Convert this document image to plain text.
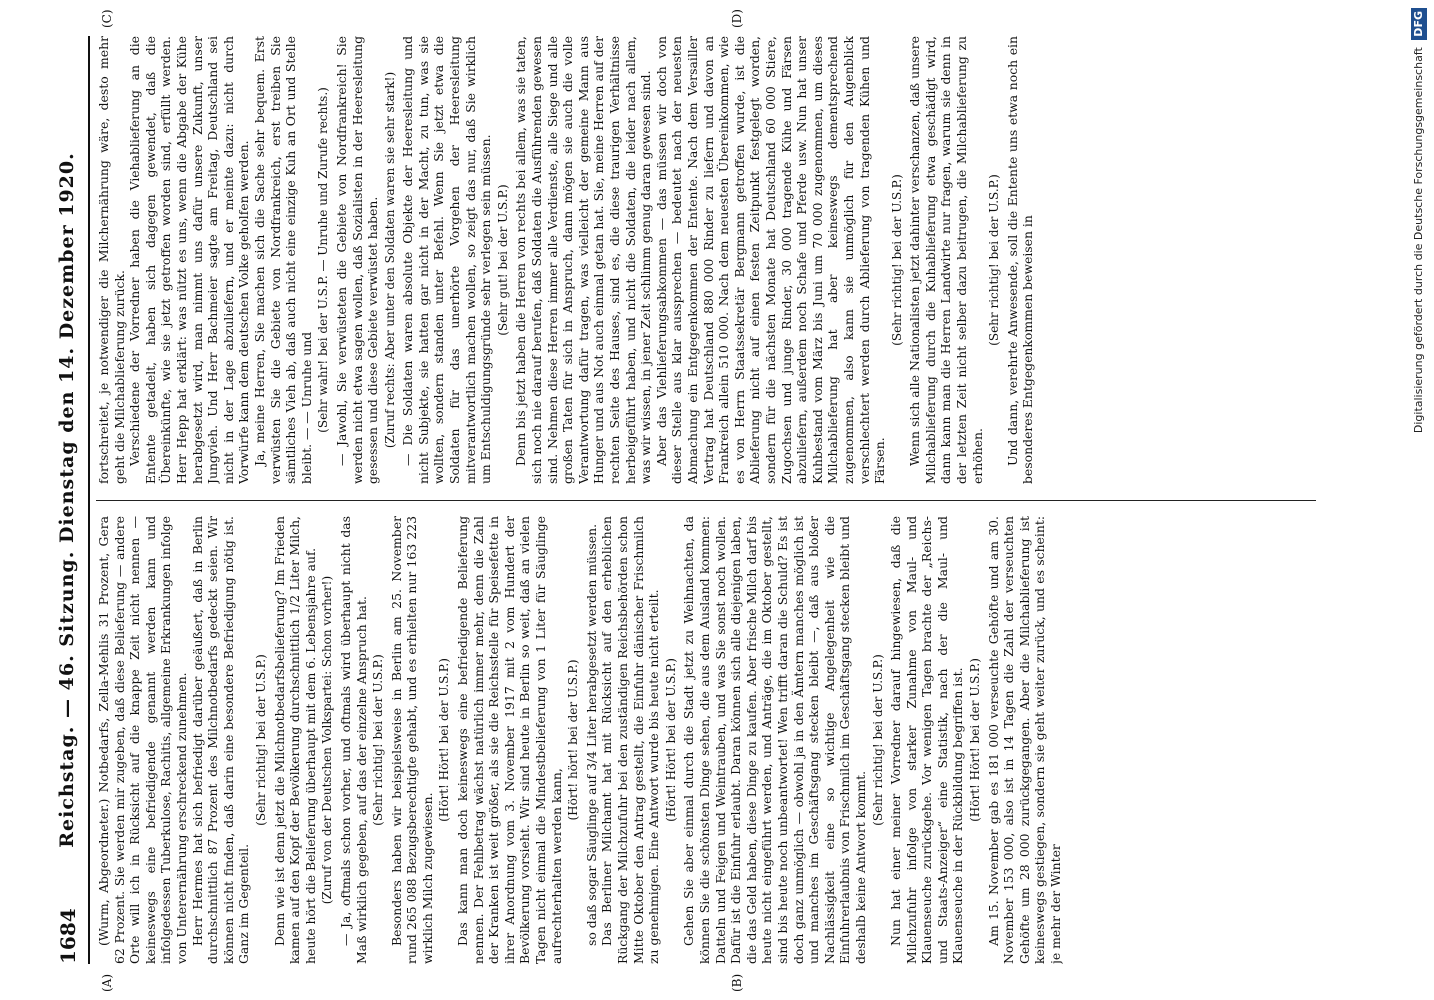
1684
Reichstag. — 46. Sitzung. Dienstag den 14. Dezember 1920.
(A)	(B)
(C)	(D)

(Wurm, Abgeordneter.) Notbedarfs, Zella-Mehlis 31 Prozent, Gera 62 Prozent. Sie werden mir zugeben, daß diese Belieferung — andere Orte will ich in Rücksicht auf die knappe Zeit nicht nennen — keineswegs eine befriedigende genannt werden kann und infolgedessen Tuberkulose, Rachitis, allgemeine Erkrankungen infolge von Unterernährung erschreckend zunehmen. Herr Hermes hat sich befriedigt darüber geäußert, daß in Berlin durchschnittlich 87 Prozent des Milchnotbedarfs gedeckt seien. Wir können nicht finden, daß darin eine besondere Befriedigung nötig ist. Ganz im Gegenteil.

(Sehr richtig! bei der U.S.P.) Denn wie ist denn jetzt die Milchnotbedarfsbelieferung? Im Frieden kamen auf den Kopf der Bevölkerung durchschnittlich 1/2 Liter Milch, heute hört die Belieferung überhaupt mit dem 6. Lebensjahre auf. (Zuruf von der Deutschen Volkspartei: Schon vorher!) — Ja, oftmals schon vorher, und oftmals wird überhaupt nicht das Maß wirklich gegeben, auf das der einzelne Anspruch hat. (Sehr richtig! bei der U.S.P.) Besonders haben wir beispielsweise in Berlin am 25. November rund 265 088 Bezugsberechtigte gehabt, und es erhielten nur 163 223 wirklich Milch zugewiesen.

(Hört! Hört! bei der U.S.P.) Das kann man doch keineswegs eine befriedigende Belieferung nennen. Der Fehlbetrag wächst natürlich immer mehr, denn die Zahl der Kranken ist weit größer, als sie die Reichsstelle für Speisefette in ihrer Anordnung vom 3. November 1917 mit 2 vom Hundert der Bevölkerung vorsieht. Wir sind heute in Berlin so weit, daß an vielen Tagen nicht einmal die Mindestbelieferung von 1 Liter für Säuglinge aufrechterhalten werden kann,

(Hört! hört! bei der U.S.P.) so daß sogar Säuglinge auf 3/4 Liter herabgesetzt werden müssen. Das Berliner Milchamt hat mit Rücksicht auf den erheblichen Rückgang der Milchzufuhr bei den zuständigen Reichsbehörden schon Mitte Oktober den Antrag gestellt, die Einfuhr dänischer Frischmilch zu genehmigen. Eine Antwort wurde bis heute nicht erteilt. (Hört! Hört! bei der U.S.P.) Gehen Sie aber einmal durch die Stadt jetzt zu Weihnachten, da können Sie die schönsten Dinge sehen, die aus dem Ausland kommen: Datteln und Feigen und Weintrauben, und was Sie sonst noch wollen. Dafür ist die Einfuhr erlaubt. Daran können sich alle diejenigen laben, die das Geld haben, diese Dinge zu kaufen. Aber frische Milch darf bis heute nicht eingeführt werden, und Anträge, die im Oktober gestellt, sind bis heute noch unbeantwortet! Wen trifft daran die Schuld? Es ist doch ganz unmöglich — obwohl ja in den Ämtern manches möglich ist und manches im Geschäftsgang stecken bleibt —, daß aus bloßer Nachlässigkeit eine so wichtige Angelegenheit wie die Einfuhrerlaubnis von Frischmilch im Geschäftsgang stecken bleibt und deshalb keine Antwort kommt.

(Sehr richtig! bei der U.S.P.) Nun hat einer meiner Vorredner darauf hingewiesen, daß die Milchzufuhr infolge von starker Zunahme von Maul- und Klauenseuche zurückgehe. Vor wenigen Tagen brachte der „Reichs- und Staats-Anzeiger“ eine Statistik, nach der die Maul- und Klauenseuche in der Rückbildung begriffen ist. (Hört! Hört! bei der U.S.P.) Am 15. November gab es 181 000 verseuchte Gehöfte und am 30. November 153 000, also ist in 14 Tagen die Zahl der verseuchten Gehöfte um 28 000 zurückgegangen. Aber die Milchablieferung ist keineswegs gestiegen, sondern sie geht weiter zurück, und es scheint: je mehr der Winter

fortschreitet, je notwendiger die Milchernährung wäre, desto mehr geht die Milchablieferung zurück. Verschiedene der Vorredner haben die Viehablieferung an die Entente getadelt, haben sich dagegen gewendet, daß die Übereinkünfte, wie sie jetzt getroffen worden sind, erfüllt werden. Herr Hepp hat erklärt: was nützt es uns, wenn die Abgabe der Kühe herabgesetzt wird, man nimmt uns dafür unsere Zukunft, unser Jungvieh. Und Herr Bachmeier sagte am Freitag, Deutschland sei nicht in der Lage abzuliefern, und er meinte dazu: nicht durch Vorwürfe kann dem deutschen Volke geholfen werden. Ja, meine Herren, Sie machen sich die Sache sehr bequem. Erst verwüsten Sie die Gebiete von Nordfrankreich, erst treiben Sie sämtliches Vieh ab, daß auch nicht eine einzige Kuh an Ort und Stelle bleibt. — — Unruhe und (Sehr wahr! bei der U.S.P. — Unruhe und Zurufe rechts.) — Jawohl, Sie verwüsteten die Gebiete von Nordfrankreich! Sie werden nicht etwa sagen wollen, daß Sozialisten in der Heeresleitung gesessen und diese Gebiete verwüstet haben. (Zuruf rechts: Aber unter den Soldaten waren sie sehr stark!) — Die Soldaten waren absolute Objekte der Heeresleitung und nicht Subjekte, sie hatten gar nicht in der Macht, zu tun, was sie wollten, sondern standen unter Befehl. Wenn Sie jetzt etwa die Soldaten für das unerhörte Vorgehen der Heeresleitung mitverantwortlich machen wollen, so zeigt das nur, daß Sie wirklich um Entschuldigungsgründe sehr verlegen sein müssen. (Sehr gut! bei der U.S.P.) Denn bis jetzt haben die Herren von rechts bei allem, was sie taten, sich noch nie darauf berufen, daß Soldaten die Ausführenden gewesen sind. Nehmen diese Herren immer alle Verdienste, alle Siege und alle großen Taten für sich in Anspruch, dann mögen sie auch die volle Verantwortung dafür tragen, was vielleicht der gemeine Mann aus Hunger und aus Not auch einmal getan hat. Sie, meine Herren auf der rechten Seite des Hauses, sind es, die diese traurigen Verhältnisse herbeigeführt haben, und nicht die Soldaten, die leider nach allem, was wir wissen, in jener Zeit schlimm genug daran gewesen sind. Aber das Viehlieferungsabkommen — das müssen wir doch von dieser Stelle aus klar aussprechen — bedeutet nach der neuesten Abmachung ein Entgegenkommen der Entente. Nach dem Versailler Vertrag hat Deutschland 880 000 Rinder zu liefern und davon an Frankreich allein 510 000. Nach dem neuesten Übereinkommen, wie es von Herrn Staatssekretär Bergmann getroffen wurde, ist die Ablieferung nicht auf einen festen Zeitpunkt festgelegt worden, sondern für die nächsten Monate hat Deutschland 60 000 Stiere, Zugochsen und junge Rinder, 30 000 tragende Kühe und Färsen abzuliefern, außerdem noch Schafe und Pferde usw. Nun hat unser Kuhbestand vom März bis Juni um 70 000 zugenommen, um dieses Milchablieferung hat aber keineswegs dementsprechend zugenommen, also kann sie unmöglich für den Augenblick verschlechtert werden durch Ablieferung von tragenden Kühen und Färsen.

(Sehr richtig! bei der U.S.P.) Wenn sich alle Nationalisten jetzt dahinter verschanzen, daß unsere Milchablieferung durch die Kuhablieferung etwa geschädigt wird, dann kann man die Herren Landwirte nur fragen, warum sie denn in der letzten Zeit nicht selber dazu beitrugen, die Milchablieferung zu erhöhen.

(Sehr richtig! bei der U.S.P.) Und dann, verehrte Anwesende, soll die Entente uns etwa noch ein besonderes Entgegenkommen beweisen in	Digitalisierung gefördert durch die Deutsche Forschungsgemeinschaft DFG
